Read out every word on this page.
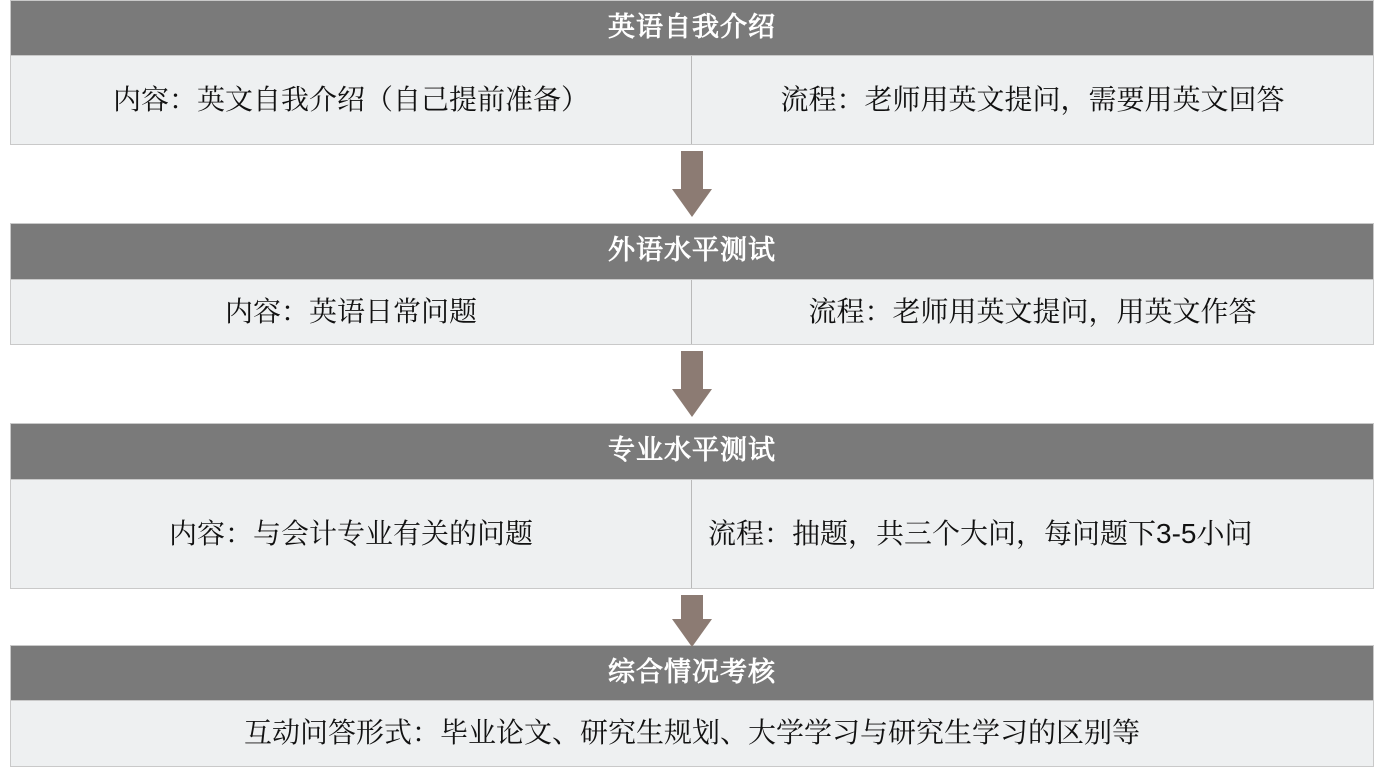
英语自我介绍
内容：英文自我介绍（自己提前准备）	流程：老师用英文提问，需要用英文回答
外语水平测试
内容：英语日常问题	流程：老师用英文提问，用英文作答
专业水平测试
内容：与会计专业有关的问题	流程：抽题，共三个大问，每问题下3-5小问
综合情况考核
互动问答形式：毕业论文、研究生规划、大学学习与研究生学习的区别等
